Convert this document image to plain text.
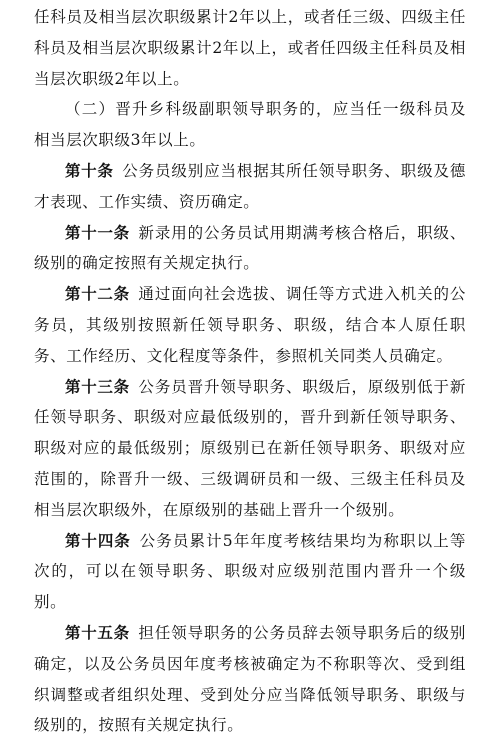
任科员及相当层次职级累计2年以上，或者任三级、四级主任科员及相当层次职级累计2年以上，或者任四级主任科员及相当层次职级2年以上。

（二）晋升乡科级副职领导职务的，应当任一级科员及相当层次职级3年以上。

第十条  公务员级别应当根据其所任领导职务、职级及德才表现、工作实绩、资历确定。

第十一条  新录用的公务员试用期满考核合格后，职级、级别的确定按照有关规定执行。

第十二条  通过面向社会选拔、调任等方式进入机关的公务员，其级别按照新任领导职务、职级，结合本人原任职务、工作经历、文化程度等条件，参照机关同类人员确定。

第十三条  公务员晋升领导职务、职级后，原级别低于新任领导职务、职级对应最低级别的，晋升到新任领导职务、职级对应的最低级别；原级别已在新任领导职务、职级对应范围的，除晋升一级、三级调研员和一级、三级主任科员及相当层次职级外，在原级别的基础上晋升一个级别。

第十四条  公务员累计5年年度考核结果均为称职以上等次的，可以在领导职务、职级对应级别范围内晋升一个级别。

第十五条  担任领导职务的公务员辞去领导职务后的级别确定，以及公务员因年度考核被确定为不称职等次、受到组织调整或者组织处理、受到处分应当降低领导职务、职级与级别的，按照有关规定执行。
